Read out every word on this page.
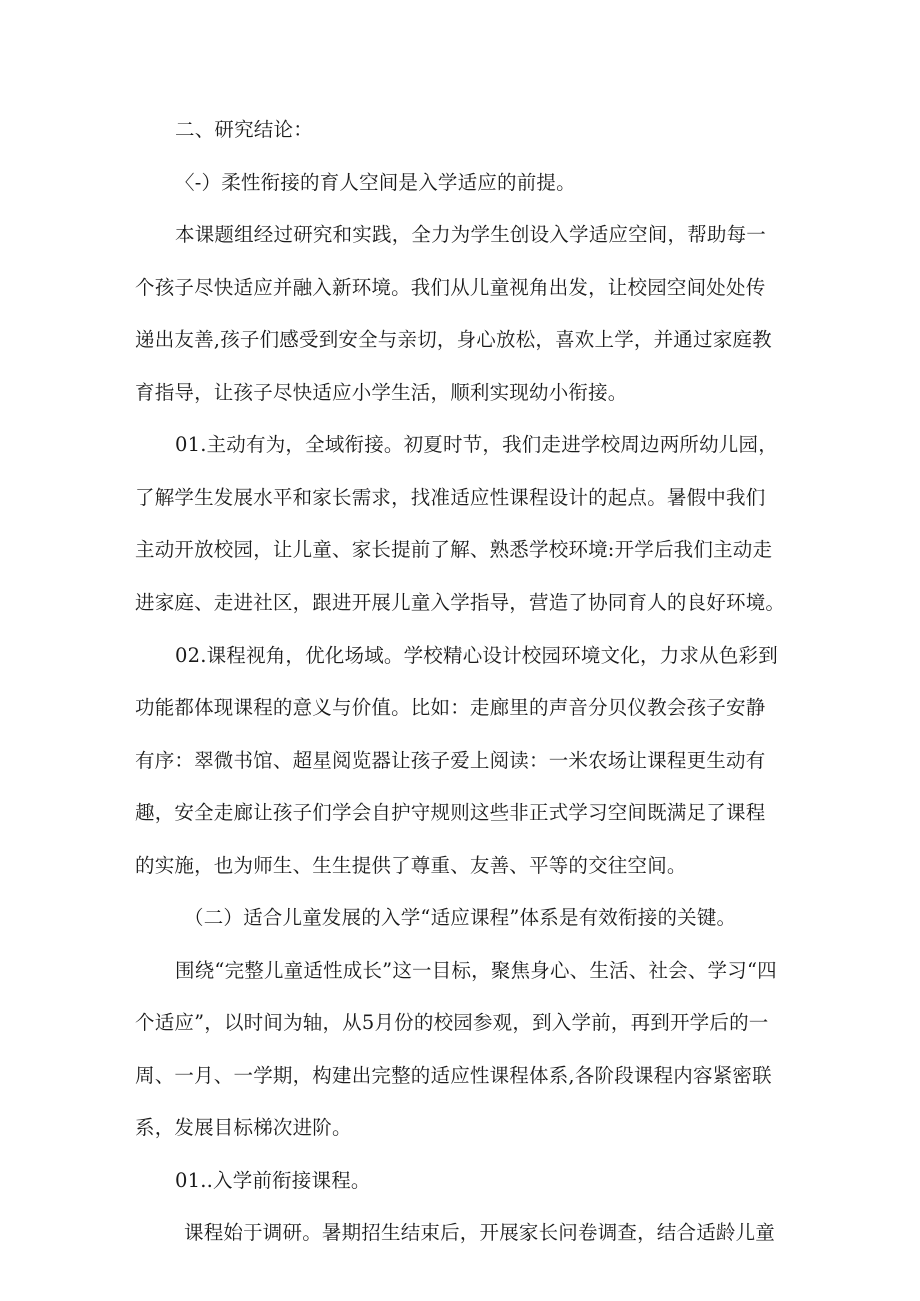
二、研究结论：
〈-）柔性衔接的育人空间是入学适应的前提。
本课题组经过研究和实践，全力为学生创设入学适应空间，帮助每一
个孩子尽快适应并融入新环境。我们从儿童视角出发，让校园空间处处传
递出友善,孩子们感受到安全与亲切，身心放松，喜欢上学，并通过家庭教
育指导，让孩子尽快适应小学生活，顺利实现幼小衔接。
01.主动有为，全域衔接。初夏时节，我们走进学校周边两所幼儿园，
了解学生发展水平和家长需求，找准适应性课程设计的起点。暑假中我们
主动开放校园，让儿童、家长提前了解、熟悉学校环境:开学后我们主动走
进家庭、走进社区，跟进开展儿童入学指导，营造了协同育人的良好环境。
02.课程视角，优化场域。学校精心设计校园环境文化，力求从色彩到
功能都体现课程的意义与价值。比如：走廊里的声音分贝仪教会孩子安静
有序：翠微书馆、超星阅览器让孩子爱上阅读：一米农场让课程更生动有
趣，安全走廊让孩子们学会自护守规则这些非正式学习空间既满足了课程
的实施，也为师生、生生提供了尊重、友善、平等的交往空间。
（二）适合儿童发展的入学“适应课程”体系是有效衔接的关键。
围绕“完整儿童适性成长”这一目标，聚焦身心、生活、社会、学习“四
个适应”，以时间为轴，从5月份的校园参观，到入学前，再到开学后的一
周、一月、一学期，构建出完整的适应性课程体系,各阶段课程内容紧密联
系，发展目标梯次进阶。
01..入学前衔接课程。
课程始于调研。暑期招生结束后，开展家长问卷调查，结合适龄儿童
